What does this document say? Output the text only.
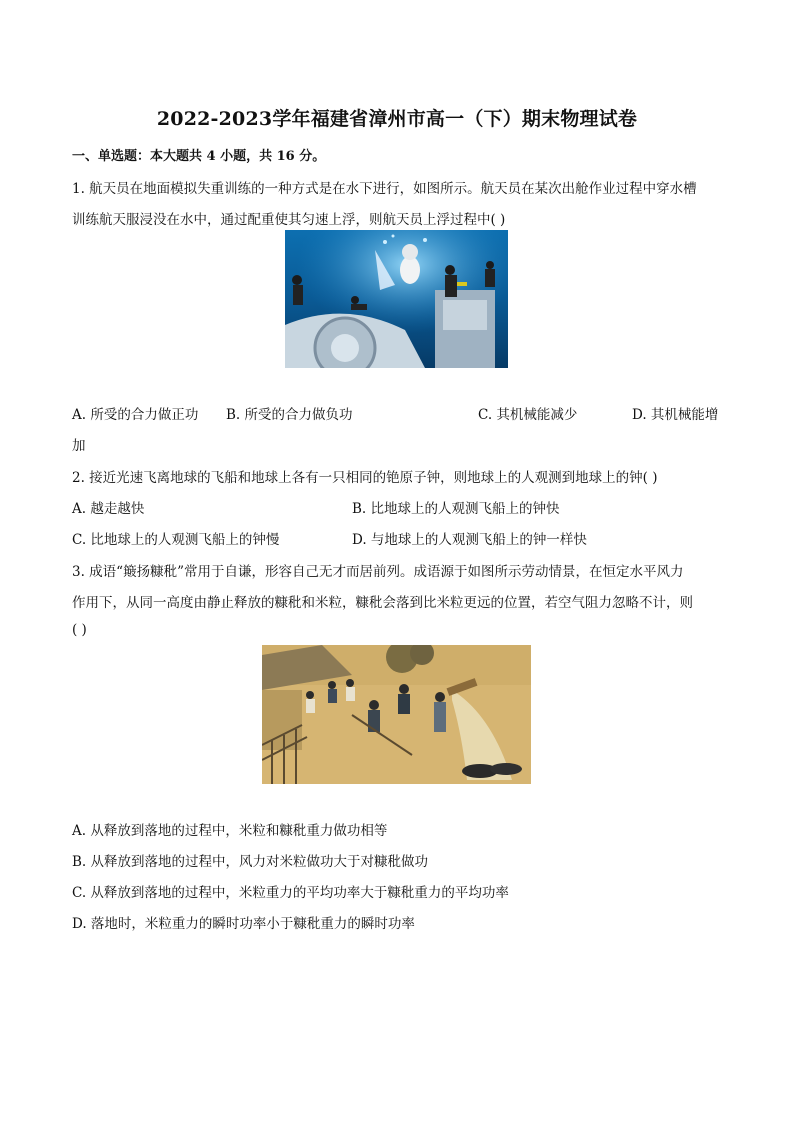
2022-2023学年福建省漳州市高一（下）期末物理试卷
一、单选题：本大题共 4 小题，共 16 分。
1. 航天员在地面模拟失重训练的一种方式是在水下进行，如图所示。航天员在某次出舱作业过程中穿水槽
训练航天服浸没在水中，通过配重使其匀速上浮，则航天员上浮过程中( )
A. 所受的合力做正功 B. 所受的合力做负功	C. 其机械能减少	D. 其机械能增
加
2. 接近光速飞离地球的飞船和地球上各有一只相同的铯原子钟，则地球上的人观测到地球上的钟( )
A. 越走越快	B. 比地球上的人观测飞船上的钟快
C. 比地球上的人观测飞船上的钟慢	D. 与地球上的人观测飞船上的钟一样快
3. 成语“簸扬糠秕”常用于自谦，形容自己无才而居前列。成语源于如图所示劳动情景，在恒定水平风力
作用下，从同一高度由静止释放的糠秕和米粒，糠秕会落到比米粒更远的位置，若空气阻力忽略不计，则
( )
A. 从释放到落地的过程中，米粒和糠秕重力做功相等
B. 从释放到落地的过程中，风力对米粒做功大于对糠秕做功
C. 从释放到落地的过程中，米粒重力的平均功率大于糠秕重力的平均功率
D. 落地时，米粒重力的瞬时功率小于糠秕重力的瞬时功率
